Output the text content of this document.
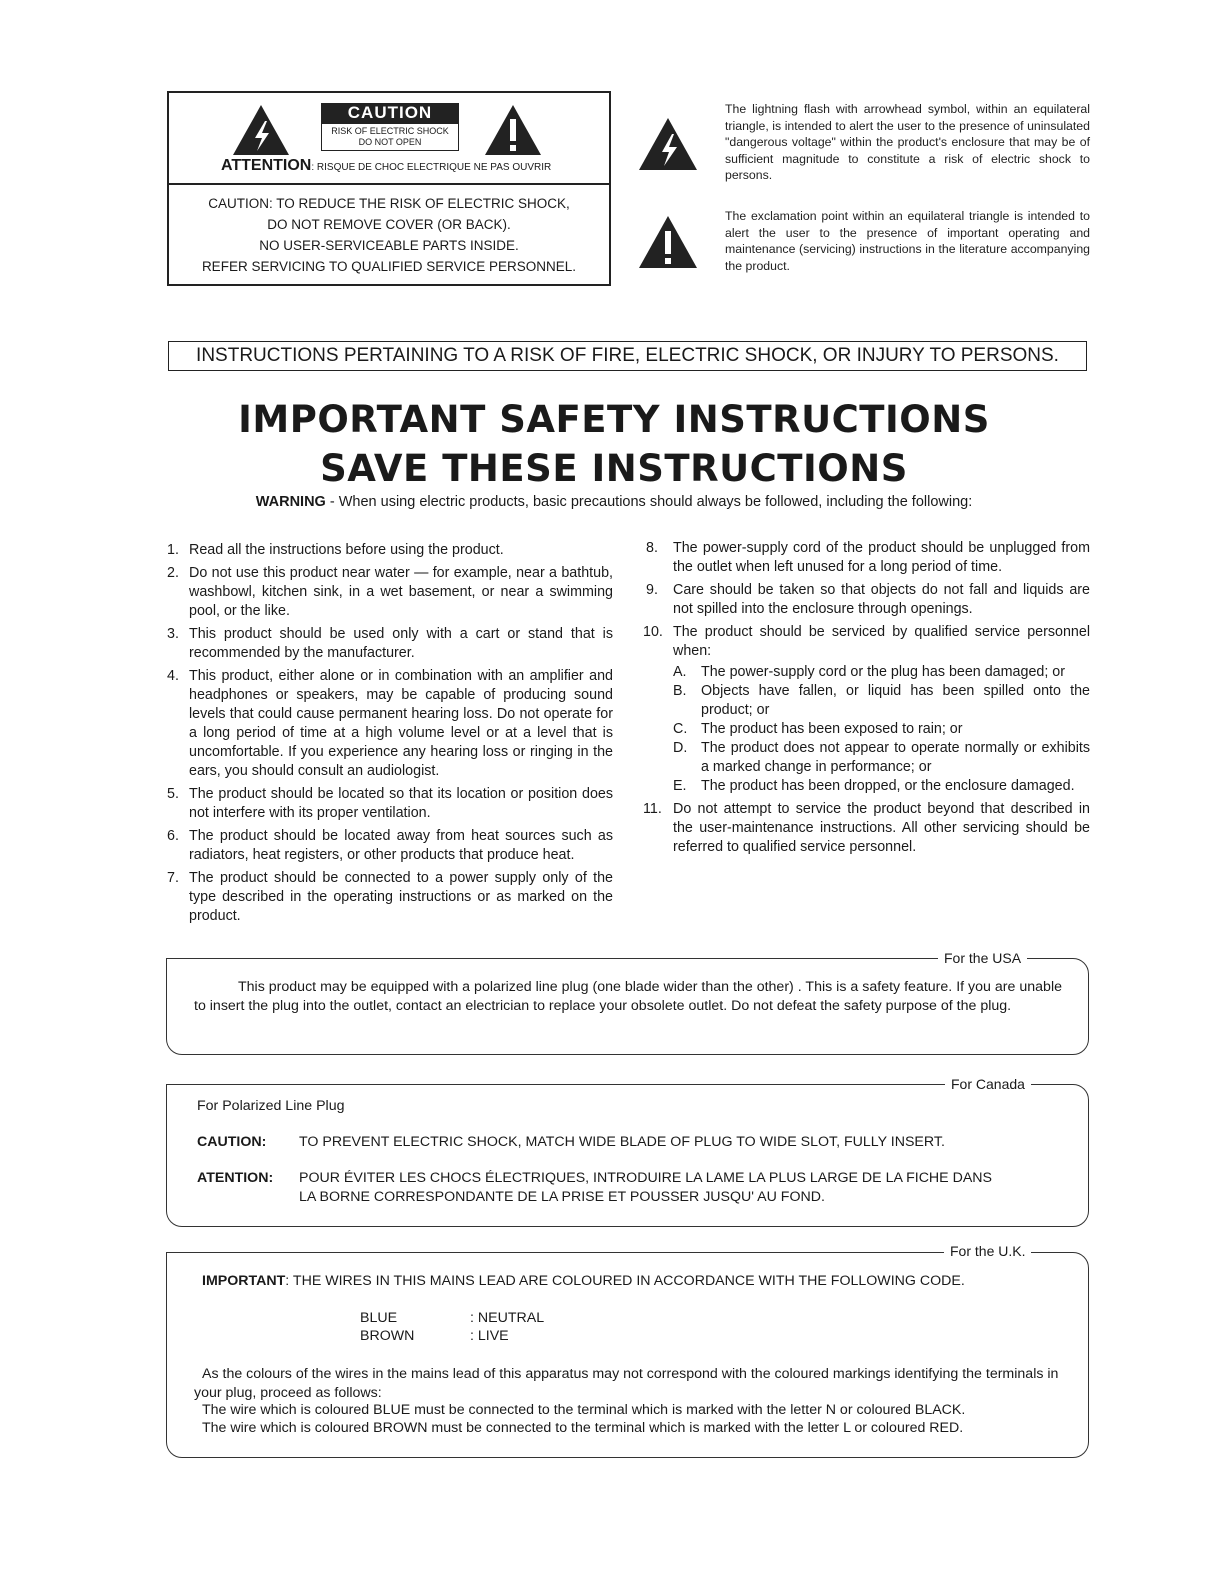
CAUTION
RISK OF ELECTRIC SHOCK
DO NOT OPEN
ATTENTION: RISQUE DE CHOC ELECTRIQUE NE PAS OUVRIR
CAUTION: TO REDUCE THE RISK OF ELECTRIC SHOCK,
DO NOT REMOVE COVER (OR BACK).
NO USER-SERVICEABLE PARTS INSIDE.
REFER SERVICING TO QUALIFIED SERVICE PERSONNEL.
The lightning flash with arrowhead symbol, within an equilateral triangle, is intended to alert the user to the presence of uninsulated "dangerous voltage" within the product's enclosure that may be of sufficient magnitude to constitute a risk of electric shock to persons.
The exclamation point within an equilateral triangle is intended to alert the user to the presence of important operating and maintenance (servicing) instructions in the literature accompanying the product.
INSTRUCTIONS PERTAINING TO A RISK OF FIRE, ELECTRIC SHOCK, OR INJURY TO PERSONS.
IMPORTANT SAFETY INSTRUCTIONS
SAVE THESE INSTRUCTIONS
WARNING - When using electric products, basic precautions should always be followed, including the following:
1. Read all the instructions before using the product.
2. Do not use this product near water — for example, near a bathtub, washbowl, kitchen sink, in a wet basement, or near a swimming pool, or the like.
3. This product should be used only with a cart or stand that is recommended by the manufacturer.
4. This product, either alone or in combination with an amplifier and headphones or speakers, may be capable of producing sound levels that could cause permanent hearing loss. Do not operate for a long period of time at a high volume level or at a level that is uncomfortable. If you experience any hearing loss or ringing in the ears, you should consult an audiologist.
5. The product should be located so that its location or position does not interfere with its proper ventilation.
6. The product should be located away from heat sources such as radiators, heat registers, or other products that produce heat.
7. The product should be connected to a power supply only of the type described in the operating instructions or as marked on the product.
8. The power-supply cord of the product should be unplugged from the outlet when left unused for a long period of time.
9. Care should be taken so that objects do not fall and liquids are not spilled into the enclosure through openings.
10. The product should be serviced by qualified service personnel when:
A. The power-supply cord or the plug has been damaged; or
B. Objects have fallen, or liquid has been spilled onto the product; or
C. The product has been exposed to rain; or
D. The product does not appear to operate normally or exhibits a marked change in performance; or
E. The product has been dropped, or the enclosure damaged.
11. Do not attempt to service the product beyond that described in the user-maintenance instructions. All other servicing should be referred to qualified service personnel.
For the USA
This product may be equipped with a polarized line plug (one blade wider than the other) . This is a safety feature. If you are unable to insert the plug into the outlet, contact an electrician to replace your obsolete outlet. Do not defeat the safety purpose of the plug.
For Canada
For Polarized Line Plug
CAUTION: TO PREVENT ELECTRIC SHOCK, MATCH WIDE BLADE OF PLUG TO WIDE SLOT, FULLY INSERT.
ATENTION: POUR ÉVITER LES CHOCS ÉLECTRIQUES, INTRODUIRE LA LAME LA PLUS LARGE DE LA FICHE DANS LA BORNE CORRESPONDANTE DE LA PRISE ET POUSSER JUSQU' AU FOND.
For the U.K.
IMPORTANT: THE WIRES IN THIS MAINS LEAD ARE COLOURED IN ACCORDANCE WITH THE FOLLOWING CODE.
BLUE	: NEUTRAL
BROWN	: LIVE
As the colours of the wires in the mains lead of this apparatus may not correspond with the coloured markings identifying the terminals in your plug, proceed as follows:
The wire which is coloured BLUE must be connected to the terminal which is marked with the letter N or coloured BLACK.
The wire which is coloured BROWN must be connected to the terminal which is marked with the letter L or coloured RED.
